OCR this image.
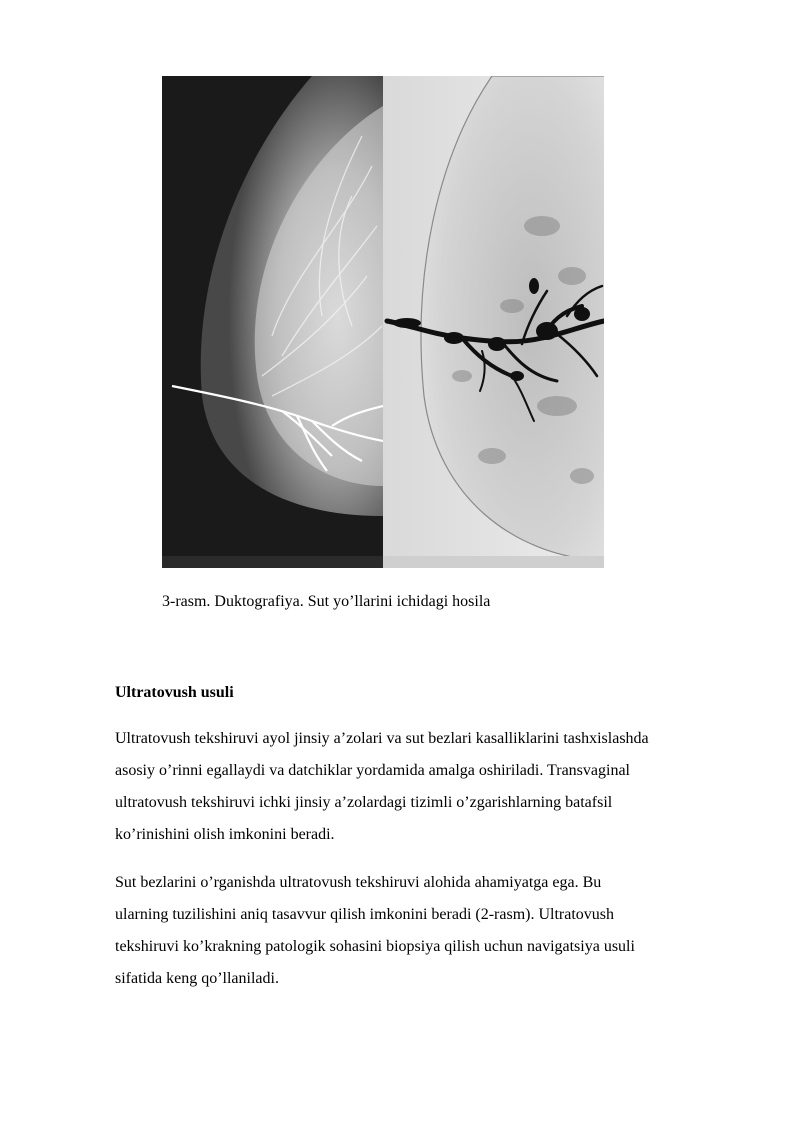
3-rasm. Duktografiya. Sut yo’llarini ichidagi hosila
Ultratovush usuli

Ultratovush tekshiruvi ayol jinsiy a’zolari va sut bezlari kasalliklarini tashxislashda
asosiy o’rinni egallaydi va datchiklar yordamida amalga oshiriladi. Transvaginal
ultratovush tekshiruvi ichki jinsiy a’zolardagi tizimli o’zgarishlarning batafsil
ko’rinishini olish imkonini beradi.

Sut bezlarini o’rganishda ultratovush tekshiruvi alohida ahamiyatga ega. Bu
ularning tuzilishini aniq tasavvur qilish imkonini beradi (2-rasm). Ultratovush
tekshiruvi ko’krakning patologik sohasini biopsiya qilish uchun navigatsiya usuli
sifatida keng qo’llaniladi.
